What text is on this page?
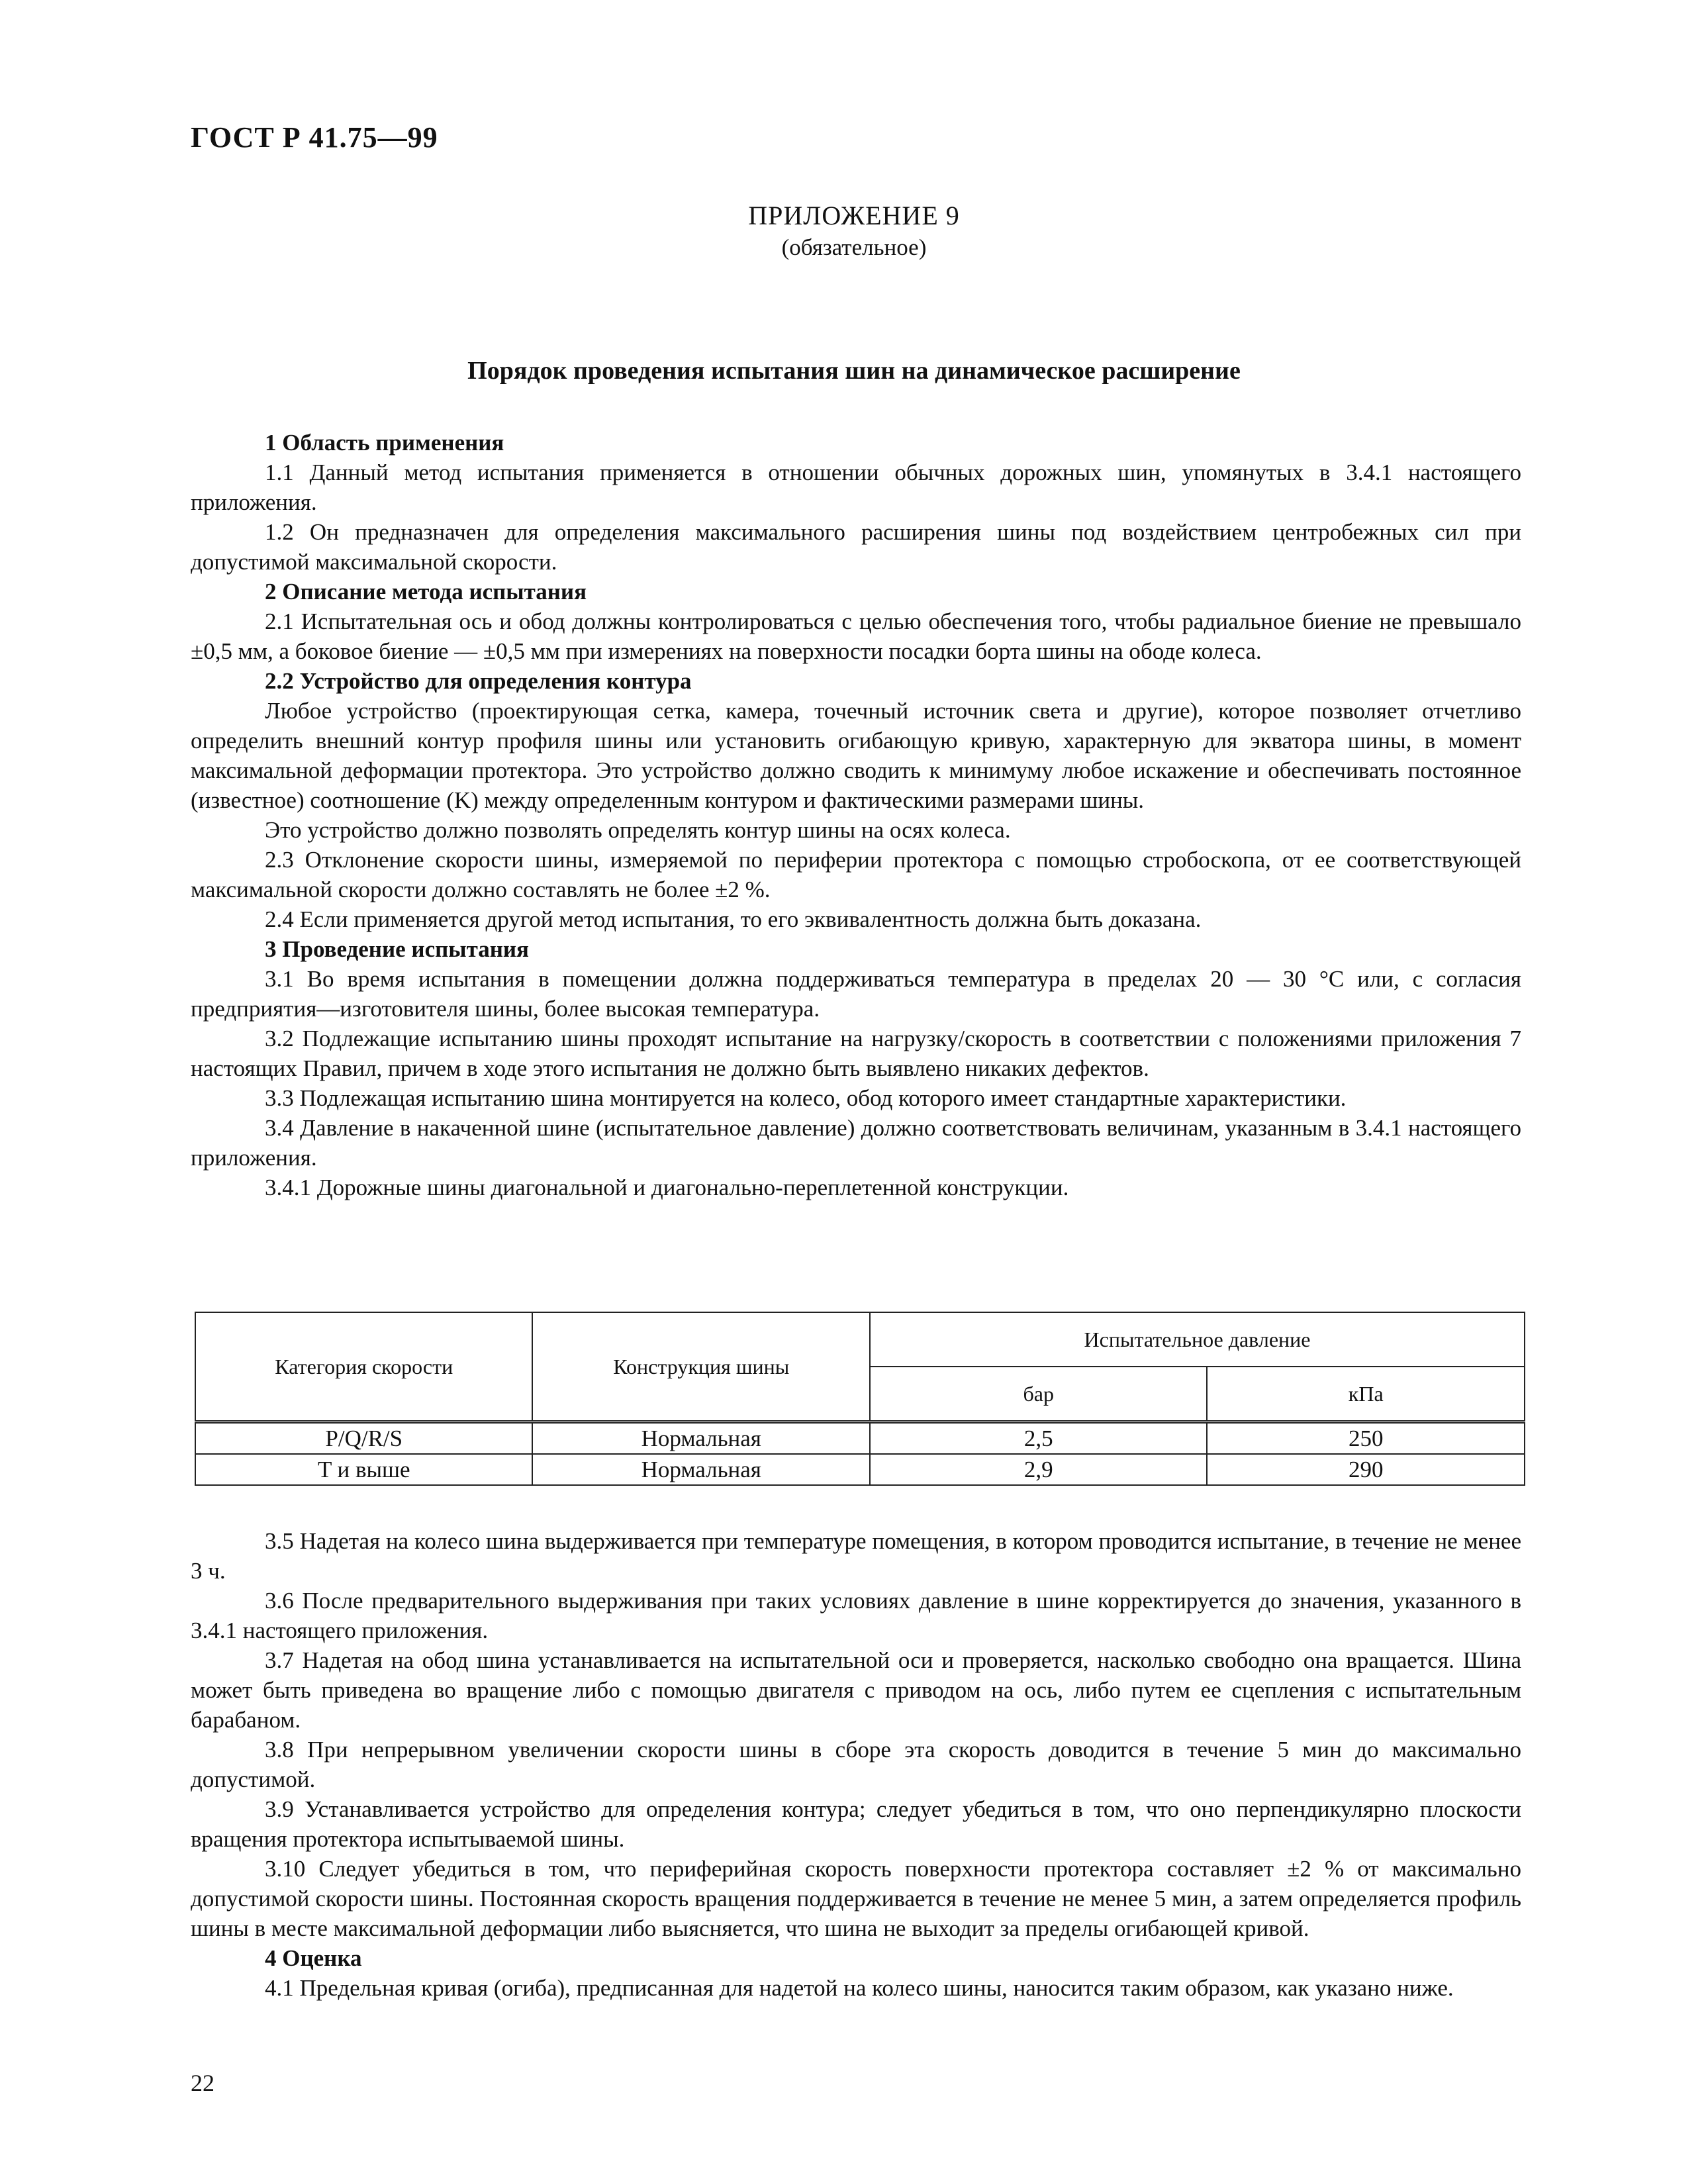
ГОСТ Р 41.75—99
ПРИЛОЖЕНИЕ 9
(обязательное)
Порядок проведения испытания шин на динамическое расширение

1 Область применения

1.1 Данный метод испытания применяется в отношении обычных дорожных шин, упомянутых в 3.4.1 настоящего приложения.

1.2 Он предназначен для определения максимального расширения шины под воздействием центробежных сил при допустимой максимальной скорости.

2 Описание метода испытания

2.1 Испытательная ось и обод должны контролироваться с целью обеспечения того, чтобы радиальное биение не превышало ±0,5 мм, а боковое биение — ±0,5 мм при измерениях на поверхности посадки борта шины на ободе колеса.

2.2 Устройство для определения контура

Любое устройство (проектирующая сетка, камера, точечный источник света и другие), которое позволяет отчетливо определить внешний контур профиля шины или установить огибающую кривую, характерную для экватора шины, в момент максимальной деформации протектора. Это устройство должно сводить к минимуму любое искажение и обеспечивать постоянное (известное) соотношение (K) между определенным контуром и фактическими размерами шины.

Это устройство должно позволять определять контур шины на осях колеса.

2.3 Отклонение скорости шины, измеряемой по периферии протектора с помощью стробоскопа, от ее соответствующей максимальной скорости должно составлять не более ±2 %.

2.4 Если применяется другой метод испытания, то его эквивалентность должна быть доказана.

3 Проведение испытания

3.1 Во время испытания в помещении должна поддерживаться температура в пределах 20 — 30 °C или, с согласия предприятия—изготовителя шины, более высокая температура.

3.2 Подлежащие испытанию шины проходят испытание на нагрузку/скорость в соответствии с положениями приложения 7 настоящих Правил, причем в ходе этого испытания не должно быть выявлено никаких дефектов.

3.3 Подлежащая испытанию шина монтируется на колесо, обод которого имеет стандартные характеристики.

3.4 Давление в накаченной шине (испытательное давление) должно соответствовать величинам, указанным в 3.4.1 настоящего приложения.

3.4.1 Дорожные шины диагональной и диагонально-переплетенной конструкции.

Категория скорости	Конструкция шины	Испытательное давление	
		бар	кПа
P/Q/R/S	Нормальная	2,5	250
T и выше	Нормальная	2,9	290

3.5 Надетая на колесо шина выдерживается при температуре помещения, в котором проводится испытание, в течение не менее 3 ч.

3.6 После предварительного выдерживания при таких условиях давление в шине корректируется до значения, указанного в 3.4.1 настоящего приложения.

3.7 Надетая на обод шина устанавливается на испытательной оси и проверяется, насколько свободно она вращается. Шина может быть приведена во вращение либо с помощью двигателя с приводом на ось, либо путем ее сцепления с испытательным барабаном.

3.8 При непрерывном увеличении скорости шины в сборе эта скорость доводится в течение 5 мин до максимально допустимой.

3.9 Устанавливается устройство для определения контура; следует убедиться в том, что оно перпендикулярно плоскости вращения протектора испытываемой шины.

3.10 Следует убедиться в том, что периферийная скорость поверхности протектора составляет ±2 % от максимально допустимой скорости шины. Постоянная скорость вращения поддерживается в течение не менее 5 мин, а затем определяется профиль шины в месте максимальной деформации либо выясняется, что шина не выходит за пределы огибающей кривой.

4 Оценка

4.1 Предельная кривая (огиба), предписанная для надетой на колесо шины, наносится таким образом, как указано ниже.

22
